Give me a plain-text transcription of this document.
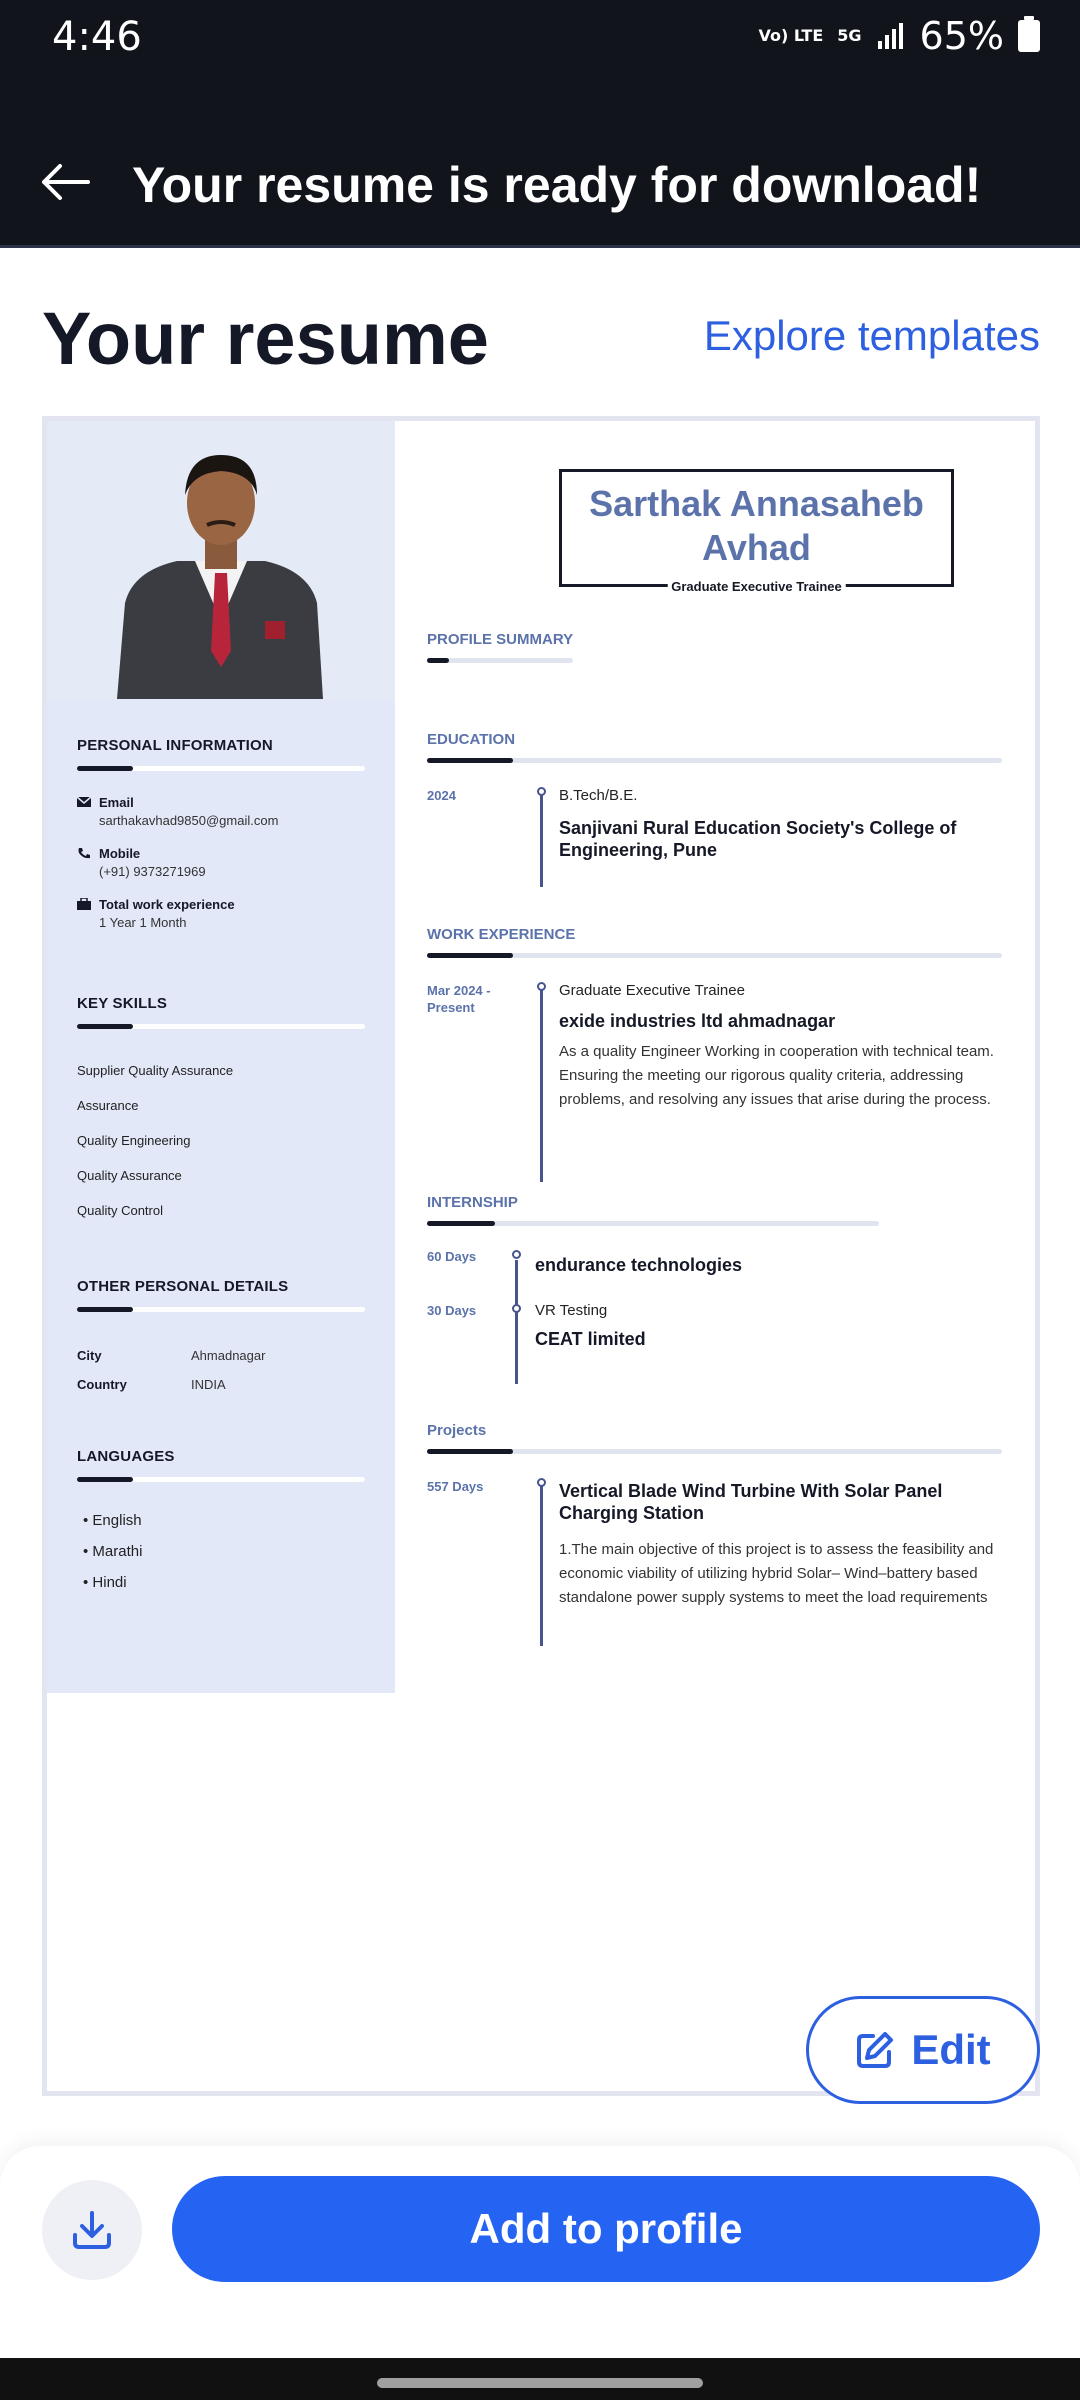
4:46	Vo) LTE 5G 65%
Your resume is ready for download!
Your resume	Explore templates
PERSONAL INFORMATION
Email
sarthakavhad9850@gmail.com
Mobile
(+91) 9373271969
Total work experience
1 Year 1 Month
KEY SKILLS
Supplier Quality Assurance
Assurance
Quality Engineering
Quality Assurance
Quality Control
OTHER PERSONAL DETAILS
City	Ahmadnagar
Country	INDIA
LANGUAGES
• English
• Marathi
• Hindi
Sarthak Annasaheb Avhad
Graduate Executive Trainee
PROFILE SUMMARY
EDUCATION
2024	B.Tech/B.E.
Sanjivani Rural Education Society's College of Engineering, Pune
WORK EXPERIENCE
Mar 2024 - Present
Graduate Executive Trainee
exide industries ltd ahmadnagar
As a quality Engineer Working in cooperation with technical team. Ensuring the meeting our rigorous quality criteria, addressing problems, and resolving any issues that arise during the process.
INTERNSHIP
60 Days	endurance technologies
30 Days	VR Testing
CEAT limited
Projects
557 Days	Vertical Blade Wind Turbine With Solar Panel Charging Station
1.The main objective of this project is to assess the feasibility and economic viability of utilizing hybrid Solar– Wind–battery based standalone power supply systems to meet the load requirements
Edit
Add to profile
